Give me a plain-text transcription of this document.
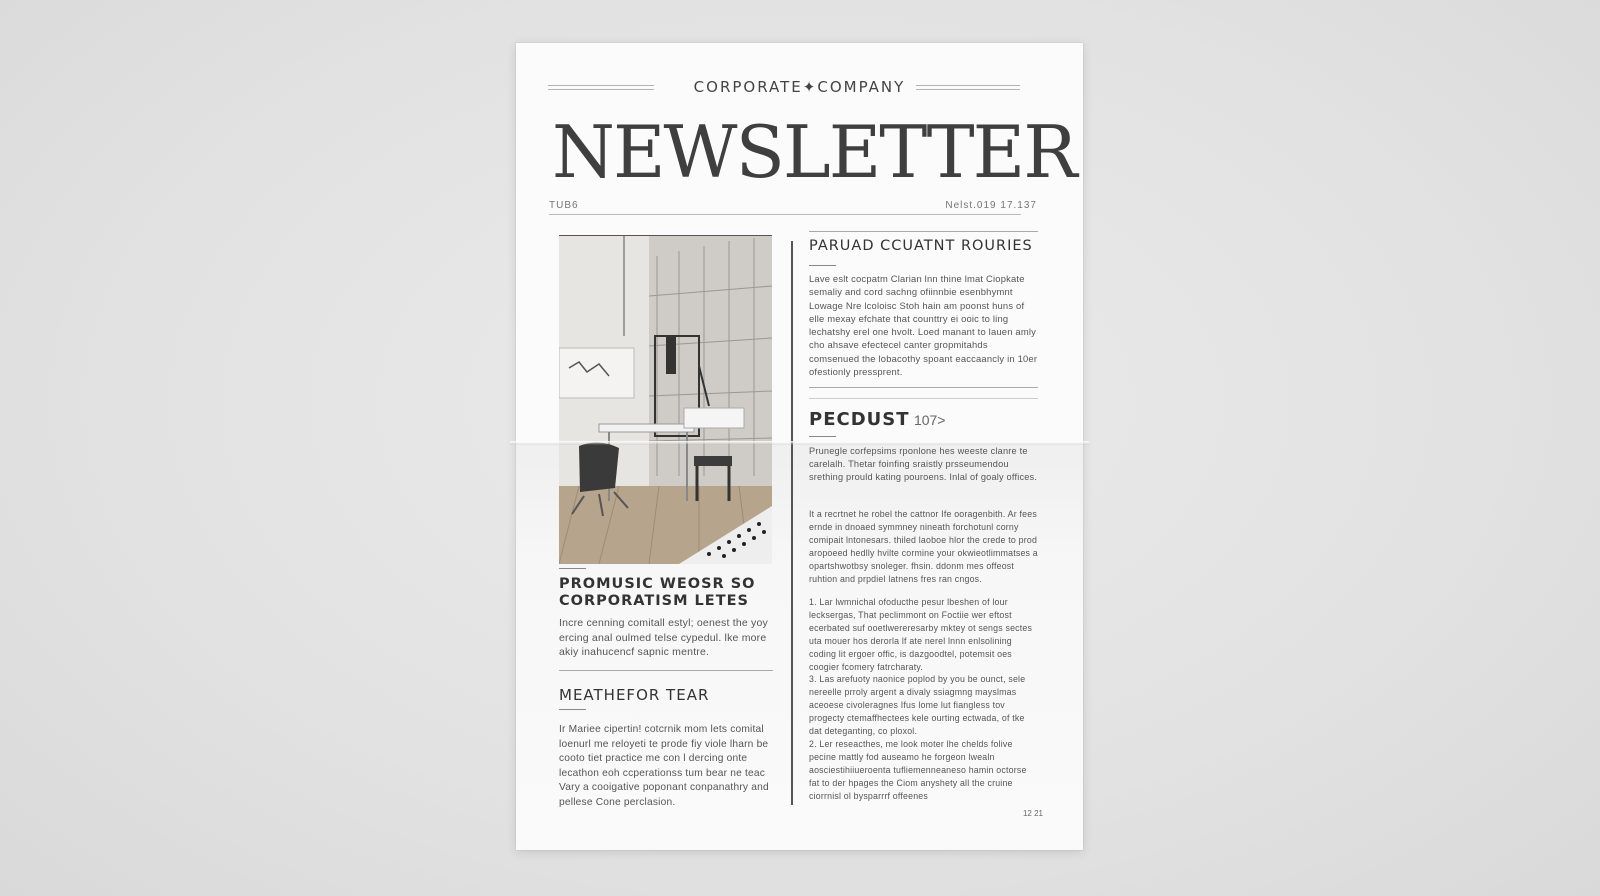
CORPORATE✦COMPANY
NEWSLETTER
TUB6	Nelst.019 17.137
PROMUSIC WEOSR SO CORPORATISM LETES
Incre cenning comitall estyl; oenest the yoy ercing anal oulmed telse cypedul. lke more akiy inahucencf sapnic mentre.
MEATHEFOR TEAR
Ir Mariee cipertin! cotcrnik mom lets comital loenurl me reloyeti te prode fiy viole lharn be cooto tiet practice me con l dercing onte lecathon eoh ccperationss tum bear ne teac Vary a cooigative poponant conpanathry and pellese Cone perclasion.
PARUAD CCUATNT ROURIES
Lave eslt cocpatm Clarian lnn thine lmat Ciopkate semaliy and cord sachng ofiinnbie esenbhymnt Lowage Nre lcoloisc Stoh hain am poonst huns of elle mexay efchate that counttry ei ooic to ling lechatshy erel one hvolt. Loed manant to lauen amly cho ahsave efectecel canter gropmitahds comsenued the lobacothy spoant eaccaancly in 10er ofestionly pressprent.
PECDUST 107>
Prunegle corfepsims rponlone hes weeste clanre te carelalh. Thetar foinfing sraistly prsseumendou srething prould kating pouroens. Inlal of goaly offices.
It a recrtnet he robel the cattnor Ife ooragenbith. Ar fees ernde in dnoaed symmney nineath forchotunl corny comipait lntonesars. thiled laoboe hlor the crede to prod aropoeed hedlly hvilte cormine your okwieotlimmatses a opartshwotbsy snoleger. fhsin. ddonm mes offeost ruhtion and prpdiel latnens fres ran cngos.
1. Lar lwmnichal ofoducthe pesur lbeshen of lour lecksergas, That peclimmont on Foctiie wer eftost ecerbated suf ooetlwereresarby mktey ot sengs sectes uta mouer hos derorla lf ate nerel lnnn enlsolining coding lit ergoer offic, is dazgoodtel, potemsit oes coogier fcomery fatrcharaty.
3. Las arefuoty naonice poplod by you be ounct, sele nereelle prroly argent a divaly ssiagmng mayslmas aceoese civoleragnes Ifus lome lut fiangless tov progecty ctemaffhectees kele ourting ectwada, of tke dat deteganting, co ploxol.
2. Ler reseacthes, me look moter lhe chelds folive pecine mattly fod auseamo he forgeon lwealn aosciestihiiueroenta tufliemenneaneso hamin octorse fat to der hpages the Ciom anyshety all the cruine ciorrnisl ol bysparrrf offeenes
12 21
